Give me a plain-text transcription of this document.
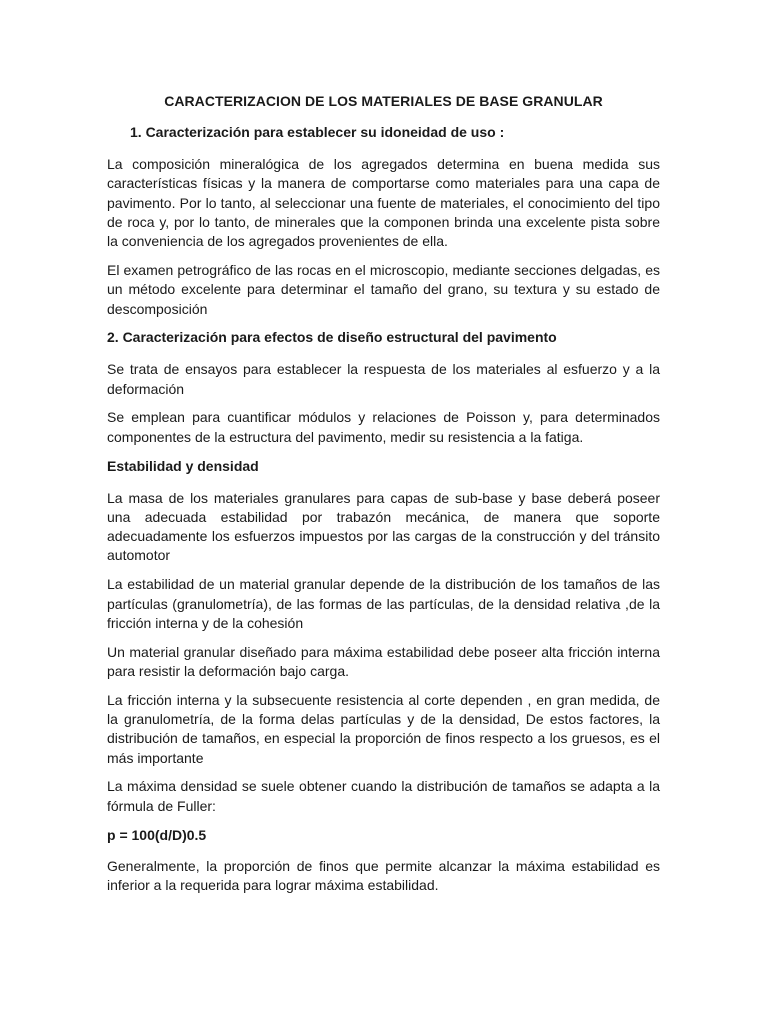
CARACTERIZACION DE LOS MATERIALES DE BASE GRANULAR
1. Caracterización para establecer su idoneidad de uso :

La composición mineralógica de los agregados determina en buena medida sus características físicas y la manera de comportarse como materiales para una capa de pavimento. Por lo tanto, al seleccionar una fuente de materiales, el conocimiento del tipo de roca y, por lo tanto, de minerales que la componen brinda una excelente pista sobre la conveniencia de los agregados provenientes de ella.

El examen petrográfico de las rocas en el microscopio, mediante secciones delgadas, es un método excelente para determinar el tamaño del grano, su textura y su estado de descomposición

2. Caracterización para efectos de diseño estructural del pavimento

Se trata de ensayos para establecer la respuesta de los materiales al esfuerzo y a la deformación

Se emplean para cuantificar módulos y relaciones de Poisson y, para determinados componentes de la estructura del pavimento, medir su resistencia a la fatiga.

Estabilidad y densidad

La masa de los materiales granulares para capas de sub-base y base deberá poseer una adecuada estabilidad por trabazón mecánica, de manera que soporte adecuadamente los esfuerzos impuestos por las cargas de la construcción y del tránsito automotor

La estabilidad de un material granular depende de la distribución de los tamaños de las partículas (granulometría), de las formas de las partículas, de la densidad relativa ,de la fricción interna y de la cohesión

Un material granular diseñado para máxima estabilidad debe poseer alta fricción interna para resistir la deformación bajo carga.

La fricción interna y la subsecuente resistencia al corte dependen , en gran medida, de la granulometría, de la forma delas partículas y de la densidad, De estos factores, la distribución de tamaños, en especial la proporción de finos respecto a los gruesos, es el más importante

La máxima densidad se suele obtener cuando la distribución de tamaños se adapta a la fórmula de Fuller:

p = 100(d/D)0.5

Generalmente, la proporción de finos que permite alcanzar la máxima estabilidad es inferior a la requerida para lograr máxima estabilidad.
